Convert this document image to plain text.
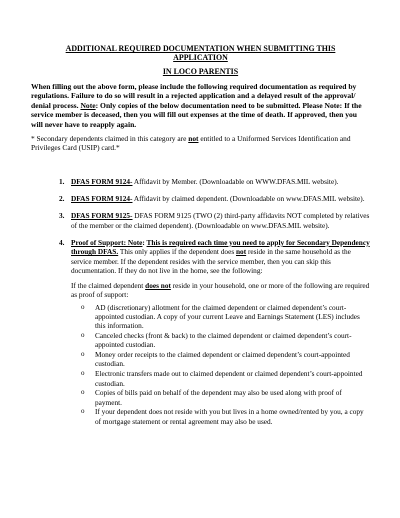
ADDITIONAL REQUIRED DOCUMENTATION WHEN SUBMITTING THIS
APPLICATION
IN LOCO PARENTIS

When filling out the above form, please include the following required documentation as required by regulations. Failure to do so will result in a rejected application and a delayed result of the approval/ denial process. Note: Only copies of the below documentation need to be submitted. Please Note: If the service member is deceased, then you will fill out expenses at the time of death. If approved, then you will never have to reapply again.

* Secondary dependents claimed in this category are not entitled to a Uniformed Services Identification and Privileges Card (USIP) card.*

1. DFAS FORM 9124- Affidavit by Member. (Downloadable on WWW.DFAS.MIL website).
2. DFAS FORM 9124- Affidavit by claimed dependent. (Downloadable on www.DFAS.MIL website).
3. DFAS FORM 9125- DFAS FORM 9125 (TWO (2) third-party affidavits NOT completed by relatives of the member or the claimed dependent). (Downloadable on www.DFAS.MIL website).
4. Proof of Support: Note: This is required each time you need to apply for Secondary Dependency through DFAS. This only applies if the dependent does not reside in the same household as the service member. If the dependent resides with the service member, then you can skip this documentation. If they do not live in the home, see the following:

If the claimed dependent does not reside in your household, one or more of the following are required as proof of support:

o AD (discretionary) allotment for the claimed dependent or claimed dependent’s court-appointed custodian. A copy of your current Leave and Earnings Statement (LES) includes this information.
o Canceled checks (front & back) to the claimed dependent or claimed dependent’s court-appointed custodian.
o Money order receipts to the claimed dependent or claimed dependent’s court-appointed custodian.
o Electronic transfers made out to claimed dependent or claimed dependent’s court-appointed custodian.
o Copies of bills paid on behalf of the dependent may also be used along with proof of payment.
o If your dependent does not reside with you but lives in a home owned/rented by you, a copy of mortgage statement or rental agreement may also be used.
